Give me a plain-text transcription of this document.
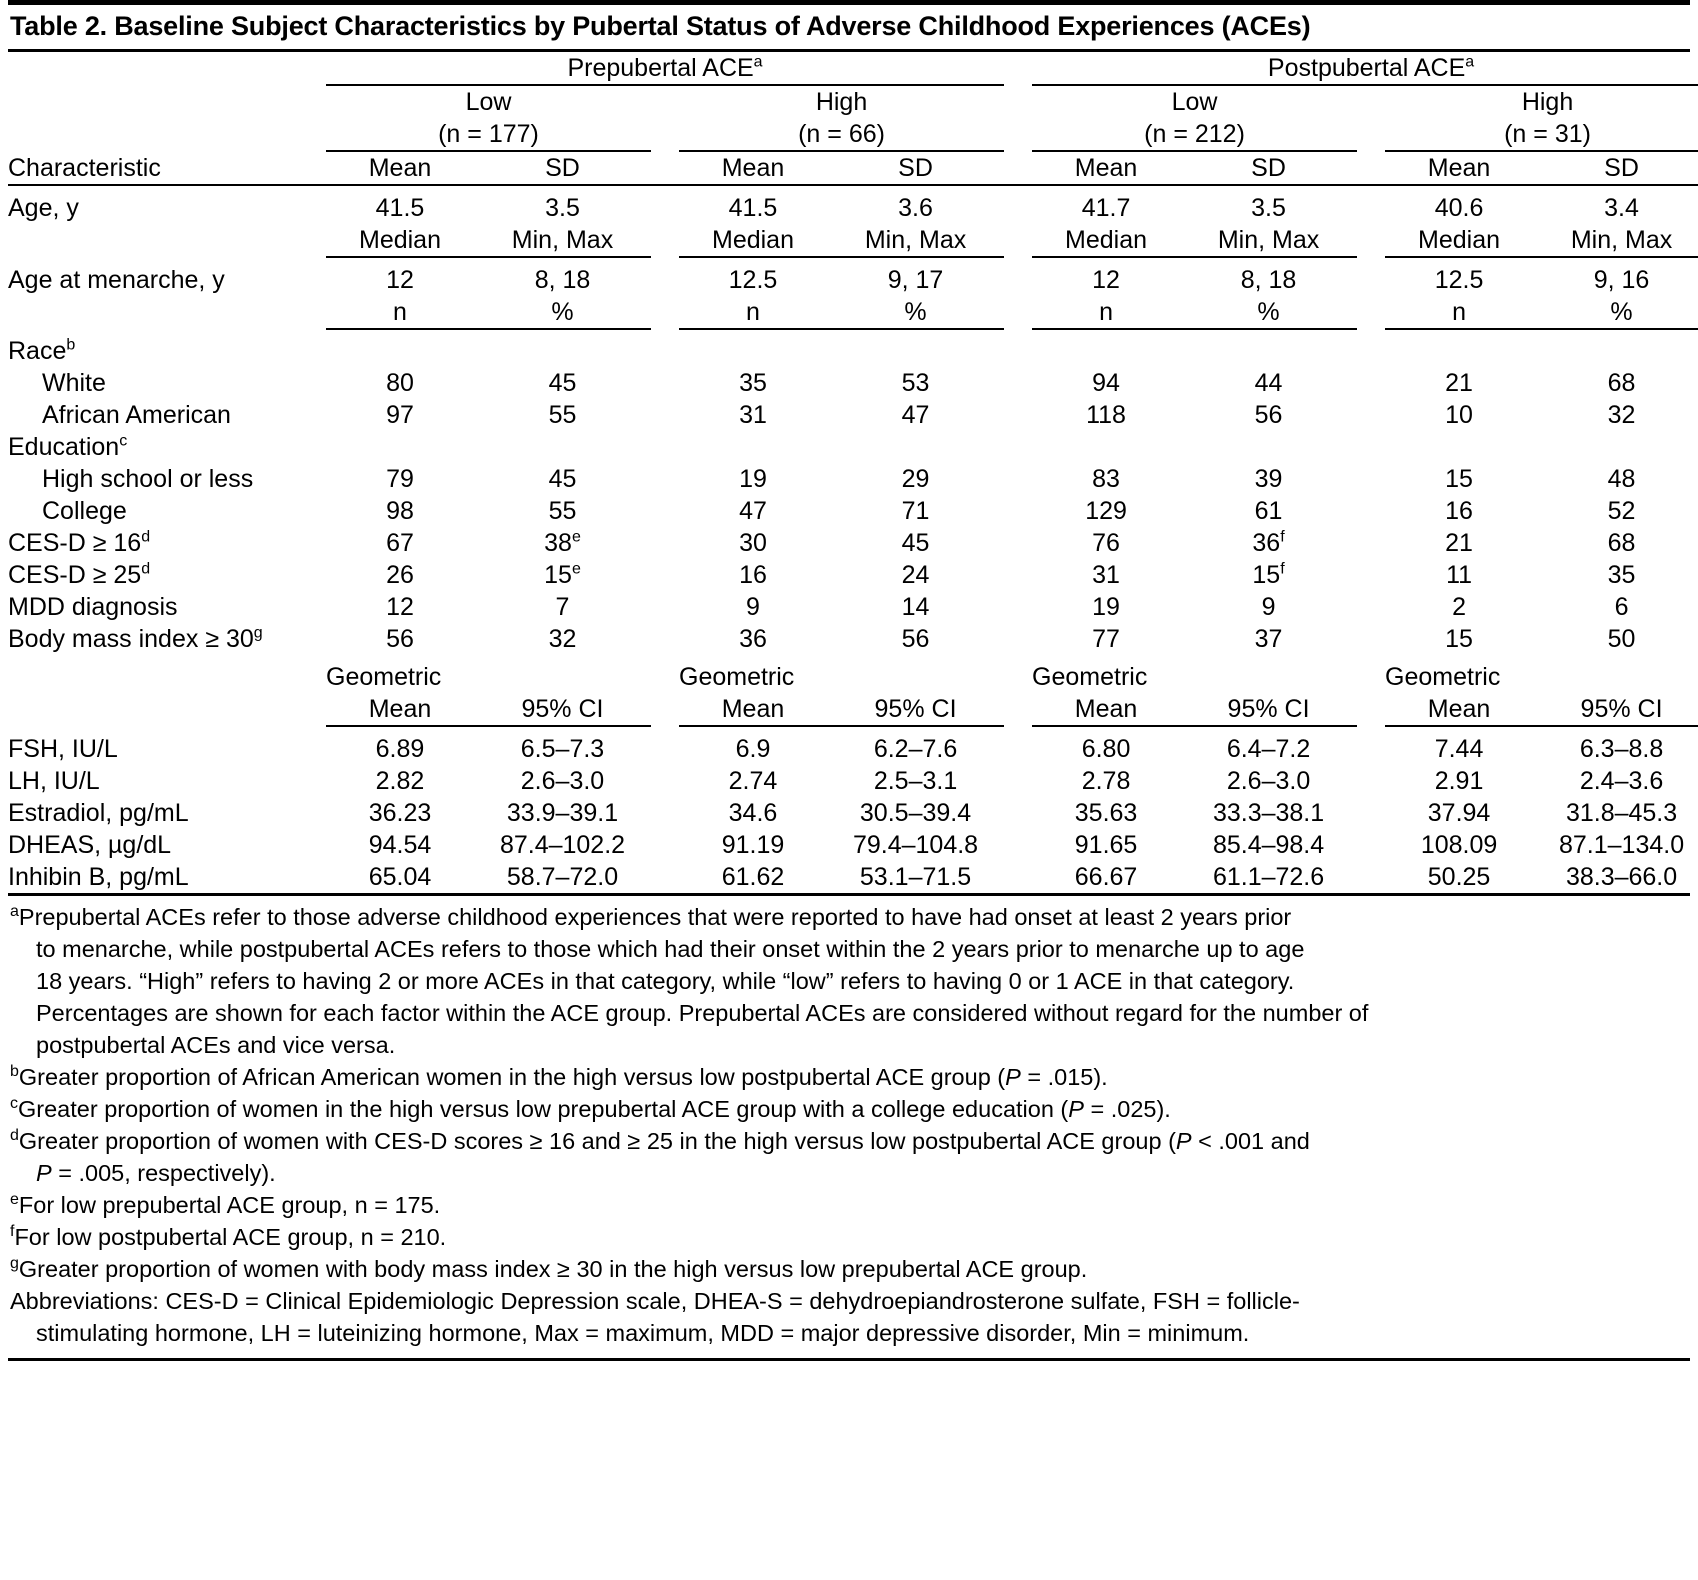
Table 2. Baseline Subject Characteristics by Pubertal Status of Adverse Childhood Experiences (ACEs)
	Prepubertal ACE$^a$						Postpubertal ACE$^a$
	Low			High			Low			High	
	(n = 177)			(n = 66)			(n = 212)			(n = 31)	
Characteristic	Mean	SD		Mean	SD		Mean	SD		Mean	SD
Age, y	41.5	3.5		41.5	3.6		41.7	3.5		40.6	3.4
	Median	Min, Max		Median	Min, Max		Median	Min, Max		Median	Min, Max
Age at menarche, y	12	8, 18		12.5	9, 17		12	8, 18		12.5	9, 16
	n	%		n	%		n	%		n	%
Race$^b$	
White	80	45		35	53		94	44		21	68
African American	97	55		31	47		118	56		10	32
Education$^c$	
High school or less	79	45		19	29		83	39		15	48
College	98	55		47	71		129	61		16	52
$CES-D \ge 16^d$	67	38e		30	45		76	36$^f$		21	68
$CES-D \ge 25^d$	26	15e		16	24		31	15$^f$		11	35
MDD diagnosis	12	7		9	14		19	9		2	6
Body mass index ≥ $30^g$	56	32		36	56		77	37		15	50
	Geometric			Geometric			Geometric			Geometric	
	Mean	95% CI		Mean	95% CI		Mean	95% CI		Mean	95% CI
FSH, IU/L	6.89	6.5–7.3		6.9	6.2–7.6		6.80	6.4–7.2		7.44	6.3–8.8
LH, IU/L	2.82	2.6–3.0		2.74	2.5–3.1		2.78	2.6–3.0		2.91	2.4–3.6
Estradiol, pg/mL	36.23	33.9–39.1		34.6	30.5–39.4		35.63	33.3–38.1		37.94	31.8–45.3
DHEAS, µg/dL	94.54	87.4–102.2		91.19	79.4–104.8		91.65	85.4–98.4		108.09	87.1–134.0
Inhibin B, pg/mL	65.04	58.7–72.0		61.62	53.1–71.5		66.67	61.1–72.6		50.25	38.3–66.0

$^a$Prepubertal ACEs refer to those adverse childhood experiences that were reported to have had onset at least 2 years prior

to menarche, while postpubertal ACEs refers to those which had their onset within the 2 years prior to menarche up to age

18 years. “High” refers to having 2 or more ACEs in that category, while “low” refers to having 0 or 1 ACE in that category.

Percentages are shown for each factor within the ACE group. Prepubertal ACEs are considered without regard for the number of

postpubertal ACEs and vice versa.

$^b$Greater proportion of African American women in the high versus low postpubertal ACE group (P = .015).

$^c$Greater proportion of women in the high versus low prepubertal ACE group with a college education (P = .025).

$^d$Greater proportion of women with CES-D scores ≥ 16 and ≥ 25 in the high versus low postpubertal ACE group (P < .001 and

P = .005, respectively).

$^e$For low prepubertal ACE group, n = 175.

$^f$For low postpubertal ACE group, n = 210.

$^g$Greater proportion of women with body mass index ≥ 30 in the high versus low prepubertal ACE group.

Abbreviations: CES-D = Clinical Epidemiologic Depression scale, DHEA-S = dehydroepiandrosterone sulfate, FSH = follicle-

stimulating hormone, LH = luteinizing hormone, Max = maximum, MDD = major depressive disorder, Min = minimum.
